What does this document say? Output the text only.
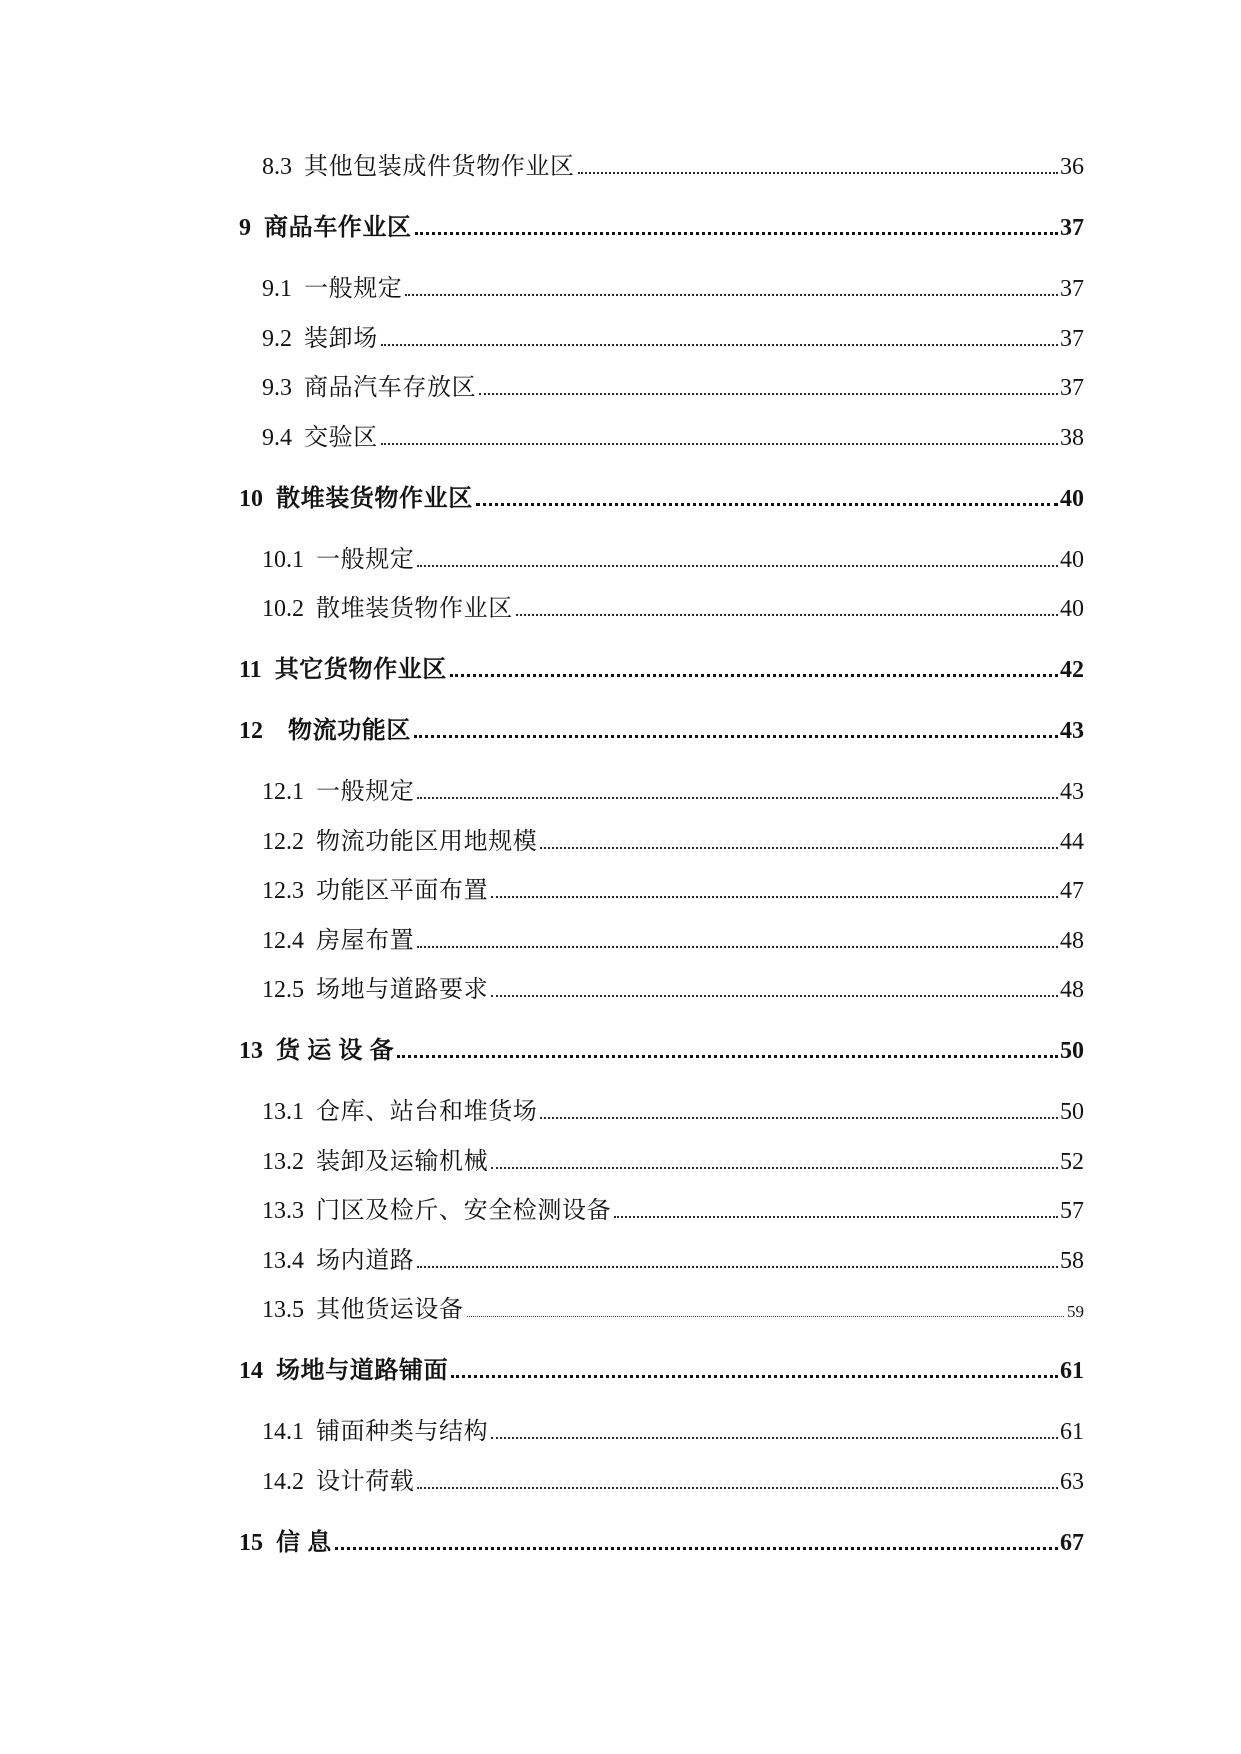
8.3 其他包装成件货物作业区	36
9 商品车作业区	37
9.1 一般规定	37
9.2 装卸场	37
9.3 商品汽车存放区	37
9.4 交验区	38
10 散堆装货物作业区	40
10.1 一般规定	40
10.2 散堆装货物作业区	40
11 其它货物作业区	42
12 物流功能区	43
12.1 一般规定	43
12.2 物流功能区用地规模	44
12.3 功能区平面布置	47
12.4 房屋布置	48
12.5 场地与道路要求	48
13 货 运 设 备	50
13.1 仓库、站台和堆货场	50
13.2 装卸及运输机械	52
13.3 门区及检斤、安全检测设备	57
13.4 场内道路	58
13.5 其他货运设备	59
14 场地与道路铺面	61
14.1 铺面种类与结构	61
14.2 设计荷载	63
15 信 息	67
